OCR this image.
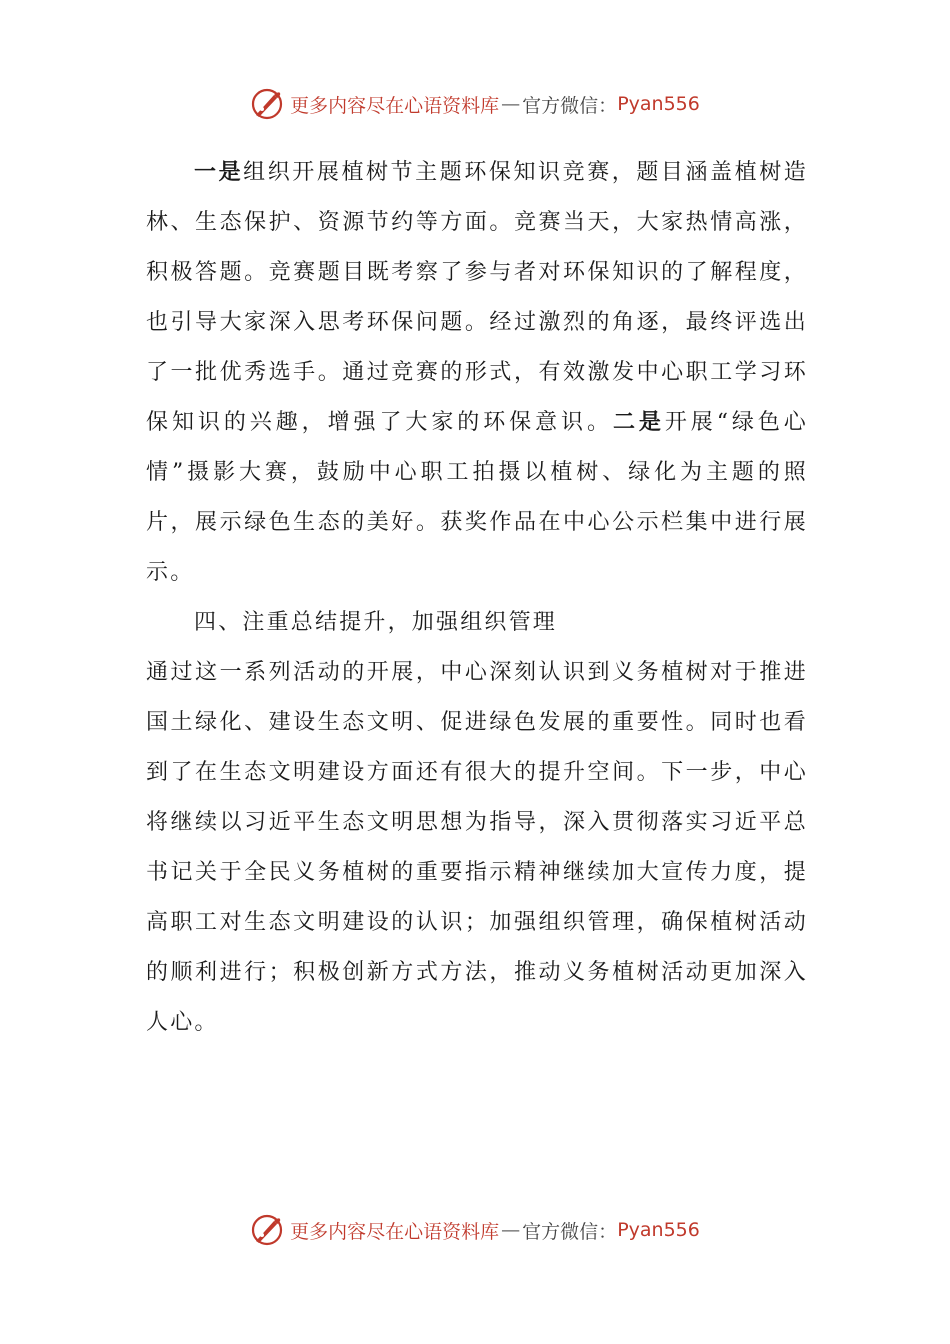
更多内容尽在心语资料库 — 官方微信： Pyan556

一是组织开展植树节主题环保知识竞赛，题目涵盖植树造林、生态保护、资源节约等方面。竞赛当天，大家热情高涨，积极答题。竞赛题目既考察了参与者对环保知识的了解程度，也引导大家深入思考环保问题。经过激烈的角逐，最终评选出了一批优秀选手。通过竞赛的形式，有效激发中心职工学习环保知识的兴趣，增强了大家的环保意识。二是开展“绿色心情”摄影大赛，鼓励中心职工拍摄以植树、绿化为主题的照片，展示绿色生态的美好。获奖作品在中心公示栏集中进行展示。

四、注重总结提升，加强组织管理

通过这一系列活动的开展，中心深刻认识到义务植树对于推进国土绿化、建设生态文明、促进绿色发展的重要性。同时也看到了在生态文明建设方面还有很大的提升空间。下一步，中心将继续以习近平生态文明思想为指导，深入贯彻落实习近平总书记关于全民义务植树的重要指示精神继续加大宣传力度，提高职工对生态文明建设的认识；加强组织管理，确保植树活动的顺利进行；积极创新方式方法，推动义务植树活动更加深入人心。

更多内容尽在心语资料库 — 官方微信： Pyan556
